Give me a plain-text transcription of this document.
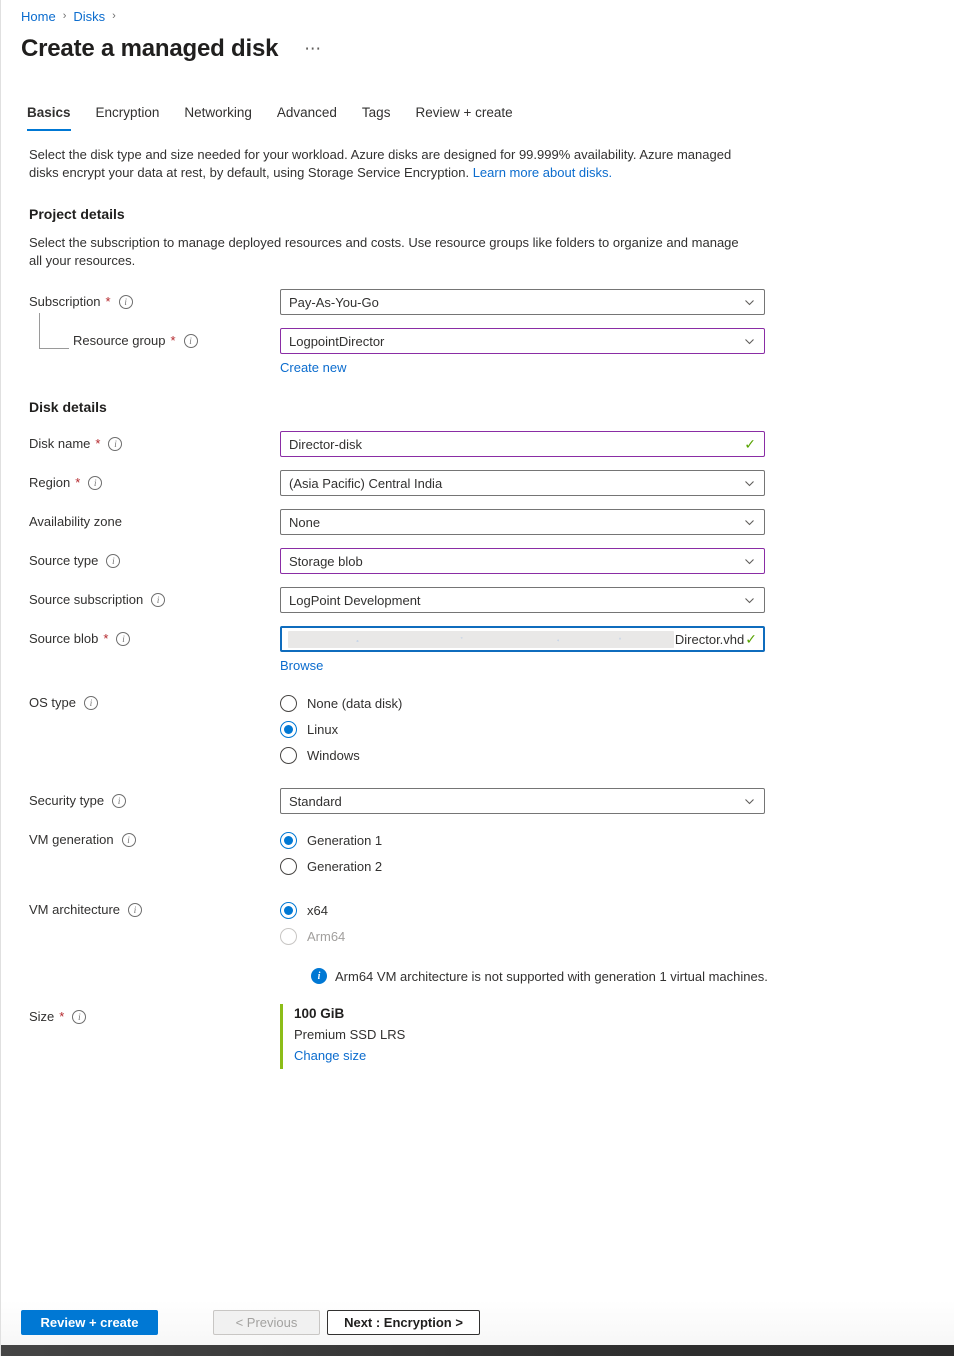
Home › Disks ›
Create a managed disk ⋯
Basics Encryption Networking Advanced Tags Review + create

Select the disk type and size needed for your workload. Azure disks are designed for 99.999% availability. Azure managed disks encrypt your data at rest, by default, using Storage Service Encryption. Learn more about disks.

Project details

Select the subscription to manage deployed resources and costs. Use resource groups like folders to organize and manage all your resources.

Subscription *	i	Pay-As-You-Go
Resource group *	i	LogpointDirector
Create new
Disk details
Disk name *	i	Director-disk	✓
Region *	i	(Asia Pacific) Central India
Availability zone	None
Source type	i	Storage blob
Source subscription	i	LogPoint Development
Source blob *	i	Director.vhd ✓
Browse
OS type	i	None (data disk)
Linux
Windows
Security type	i	Standard
VM generation	i	Generation 1
Generation 2
VM architecture	i	x64
Arm64
i	Arm64 VM architecture is not supported with generation 1 virtual machines.
Size *	i	100 GiB
Premium SSD LRS
Change size
Review + create	< Previous	Next : Encryption >
